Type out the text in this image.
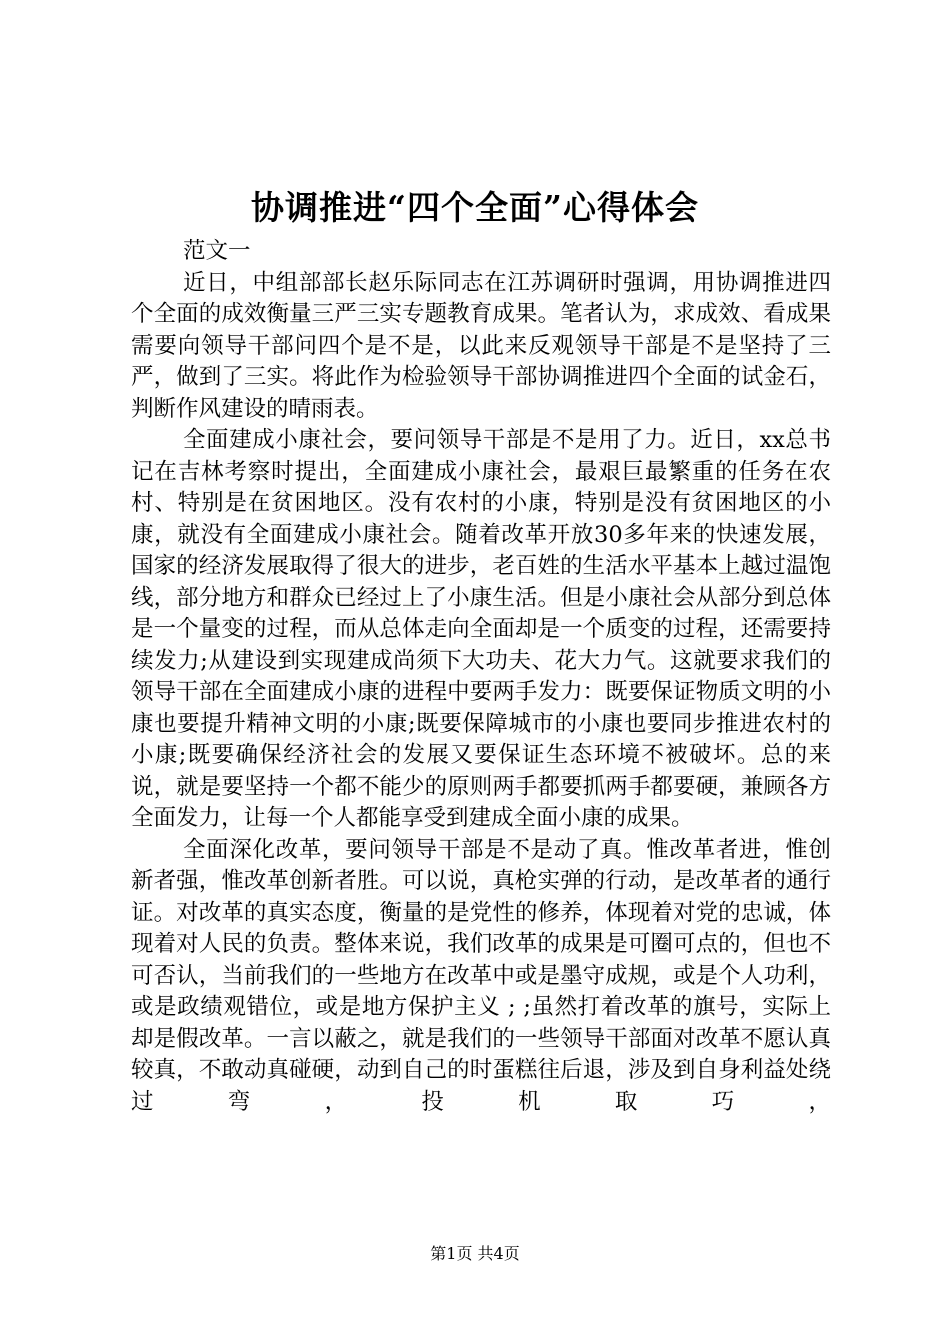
协调推进“四个全面”心得体会

范文一

近日，中组部部长赵乐际同志在江苏调研时强调，用协调推进四个全面的成效衡量三严三实专题教育成果。笔者认为，求成效、看成果需要向领导干部问四个是不是，以此来反观领导干部是不是坚持了三严，做到了三实。将此作为检验领导干部协调推进四个全面的试金石，判断作风建设的晴雨表。

全面建成小康社会，要问领导干部是不是用了力。近日，xx总书记在吉林考察时提出，全面建成小康社会，最艰巨最繁重的任务在农村、特别是在贫困地区。没有农村的小康，特别是没有贫困地区的小康，就没有全面建成小康社会。随着改革开放30多年来的快速发展，国家的经济发展取得了很大的进步，老百姓的生活水平基本上越过温饱线，部分地方和群众已经过上了小康生活。但是小康社会从部分到总体是一个量变的过程，而从总体走向全面却是一个质变的过程，还需要持续发力;从建设到实现建成尚须下大功夫、花大力气。这就要求我们的领导干部在全面建成小康的进程中要两手发力：既要保证物质文明的小康也要提升精神文明的小康;既要保障城市的小康也要同步推进农村的小康;既要确保经济社会的发展又要保证生态环境不被破坏。总的来说，就是要坚持一个都不能少的原则两手都要抓两手都要硬，兼顾各方全面发力，让每一个人都能享受到建成全面小康的成果。

全面深化改革，要问领导干部是不是动了真。惟改革者进，惟创新者强，惟改革创新者胜。可以说，真枪实弹的行动，是改革者的通行证。对改革的真实态度，衡量的是党性的修养，体现着对党的忠诚，体现着对人民的负责。整体来说，我们改革的成果是可圈可点的，但也不可否认，当前我们的一些地方在改革中或是墨守成规，或是个人功利，或是政绩观错位，或是地方保护主义 ; ;虽然打着改革的旗号，实际上却是假改革。一言以蔽之，就是我们的一些领导干部面对改革不愿认真较真，不敢动真碰硬，动到自己的时蛋糕往后退，涉及到自身利益处绕过弯，投机取巧，

第1页 共4页
